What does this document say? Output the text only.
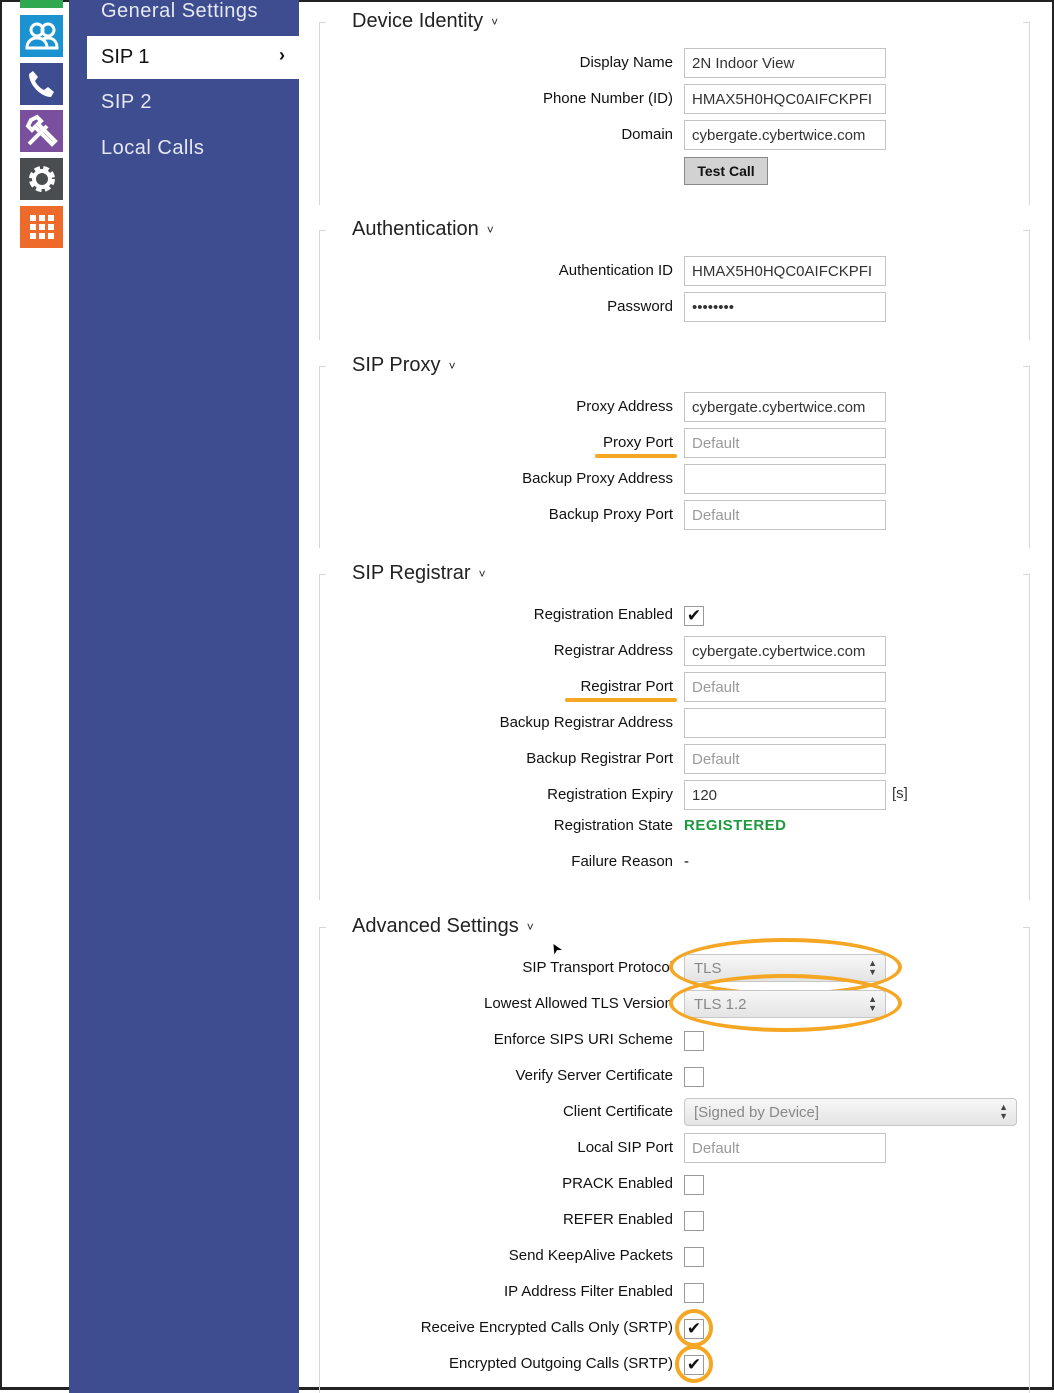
General Settings
SIP 1	›
SIP 2
Local Calls
Device Identity ˅
Display Name	2N Indoor View
Phone Number (ID)	HMAX5H0HQC0AIFCKPFI
Domain	cybergate.cybertwice.com
Test Call
Authentication ˅
Authentication ID	HMAX5H0HQC0AIFCKPFI
Password	••••••••
SIP Proxy ˅
Proxy Address	cybergate.cybertwice.com
Proxy Port	Default
Backup Proxy Address
Backup Proxy Port	Default
SIP Registrar ˅
Registration Enabled ✔
Registrar Address	cybergate.cybertwice.com
Registrar Port	Default
Backup Registrar Address
Backup Registrar Port	Default
Registration Expiry	120	[s]
Registration State REGISTERED
Failure Reason -
Advanced Settings ˅
SIP Transport Protocol	TLS	▲
▼
Lowest Allowed TLS Version	TLS 1.2	▲
▼
Enforce SIPS URI Scheme
Verify Server Certificate
Client Certificate	[Signed by Device]	▲
▼
Local SIP Port	Default
PRACK Enabled
REFER Enabled
Send KeepAlive Packets
IP Address Filter Enabled
Receive Encrypted Calls Only (SRTP) ✔
Encrypted Outgoing Calls (SRTP) ✔
➤
